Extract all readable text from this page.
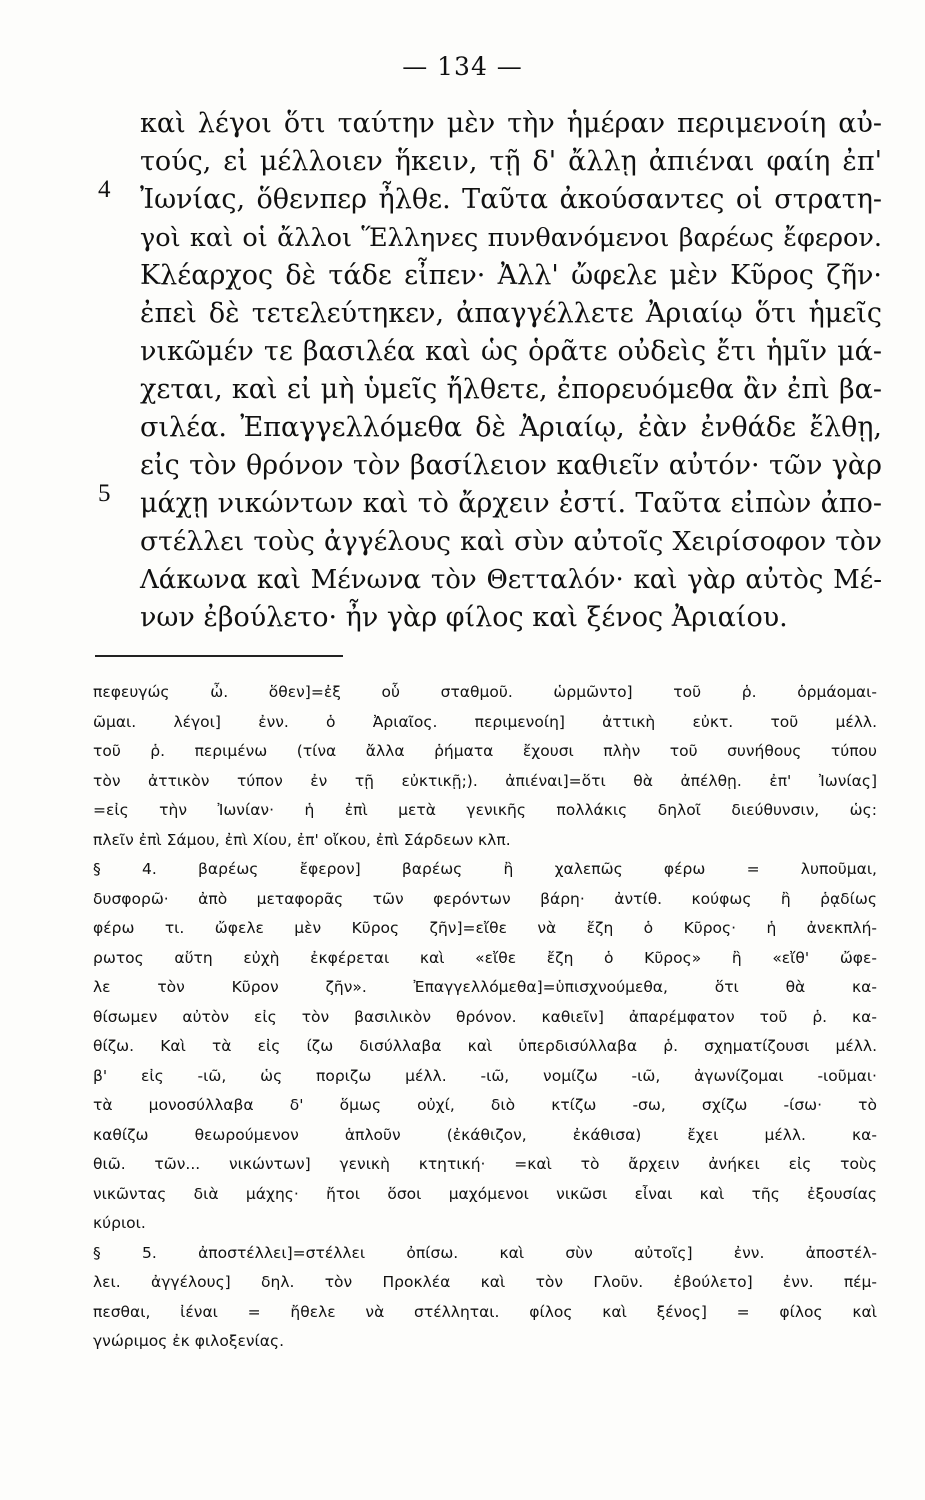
— 134 —
4
5
καὶ λέγοι ὅτι ταύτην μὲν τὴν ἡμέραν περιμενοίη αὐ-
τούς, εἰ μέλλοιεν ἥκειν, τῇ δ' ἄλλῃ ἀπιέναι φαίη ἐπ'
Ἰωνίας, ὅθενπερ ἦλθε. Ταῦτα ἀκούσαντες οἱ στρατη-
γοὶ καὶ οἱ ἄλλοι Ἕλληνες πυνθανόμενοι βαρέως ἔφερον.
Κλέαρχος δὲ τάδε εἶπεν· Ἀλλ' ὤφελε μὲν Κῦρος ζῆν·
ἐπεὶ δὲ τετελεύτηκεν, ἀπαγγέλλετε Ἀριαίῳ ὅτι ἡμεῖς
νικῶμέν τε βασιλέα καὶ ὡς ὁρᾶτε οὐδεὶς ἔτι ἡμῖν μά-
χεται, καὶ εἰ μὴ ὑμεῖς ἤλθετε, ἐπορευόμεθα ἂν ἐπὶ βα-
σιλέα. Ἐπαγγελλόμεθα δὲ Ἀριαίῳ, ἐὰν ἐνθάδε ἔλθῃ,
εἰς τὸν θρόνον τὸν βασίλειον καθιεῖν αὐτόν· τῶν γὰρ
μάχῃ νικώντων καὶ τὸ ἄρχειν ἐστί. Ταῦτα εἰπὼν ἀπο-
στέλλει τοὺς ἀγγέλους καὶ σὺν αὐτοῖς Χειρίσοφον τὸν
Λάκωνα καὶ Μένωνα τὸν Θετταλόν· καὶ γὰρ αὐτὸς Μέ-
νων ἐβούλετο· ἦν γὰρ φίλος καὶ ξένος Ἀριαίου.
πεφευγώς ὦ. ὅθεν]=ἐξ οὗ σταθμοῦ. ὡρμῶντο] τοῦ ῥ. ὁρμάομαι-
ῶμαι. λέγοι] ἐνν. ὁ Ἀριαῖος. περιμενοίη] ἀττικὴ εὐκτ. τοῦ μέλλ.
τοῦ ῥ. περιμένω (τίνα ἄλλα ῥήματα ἔχουσι πλὴν τοῦ συνήθους τύπου
τὸν ἀττικὸν τύπον ἐν τῇ εὐκτικῇ;). ἀπιέναι]=ὅτι θὰ ἀπέλθῃ. ἐπ' Ἰωνίας]
=εἰς τὴν Ἰωνίαν· ἡ ἐπὶ μετὰ γενικῆς πολλάκις δηλοῖ διεύθυνσιν, ὡς:
πλεῖν ἐπὶ Σάμου, ἐπὶ Χίου, ἐπ' οἴκου, ἐπὶ Σάρδεων κλπ.
§ 4. βαρέως ἔφερον] βαρέως ἢ χαλεπῶς φέρω = λυποῦμαι,
δυσφορῶ· ἀπὸ μεταφορᾶς τῶν φερόντων βάρη· ἀντίθ. κούφως ἢ ῥᾳδίως
φέρω τι. ὤφελε μὲν Κῦρος ζῆν]=εἴθε νὰ ἔζη ὁ Κῦρος· ἡ ἀνεκπλή-
ρωτος αὕτη εὐχὴ ἐκφέρεται καὶ «εἴθε ἔζη ὁ Κῦρος» ἢ «εἴθ' ὤφε-
λε τὸν Κῦρον ζῆν». Ἐπαγγελλόμεθα]=ὑπισχνούμεθα, ὅτι θὰ κα-
θίσωμεν αὐτὸν εἰς τὸν βασιλικὸν θρόνον. καθιεῖν] ἀπαρέμφατον τοῦ ῥ. κα-
θίζω. Καὶ τὰ εἰς ίζω δισύλλαβα καὶ ὑπερδισύλλαβα ῥ. σχηματίζουσι μέλλ.
β' εἰς -ιῶ, ὡς ποριζω μέλλ. -ιῶ, νομίζω -ιῶ, ἀγωνίζομαι -ιοῦμαι·
τὰ μονοσύλλαβα δ' ὅμως οὐχί, διὸ κτίζω -σω, σχίζω -ίσω· τὸ
καθίζω θεωρούμενον ἁπλοῦν (ἐκάθιζον, ἐκάθισα) ἔχει μέλλ. κα-
θιῶ. τῶν... νικώντων] γενικὴ κτητική· =καὶ τὸ ἄρχειν ἀνήκει εἰς τοὺς
νικῶντας διὰ μάχης· ἤτοι ὅσοι μαχόμενοι νικῶσι εἶναι καὶ τῆς ἐξουσίας
κύριοι.
§ 5. ἀποστέλλει]=στέλλει ὀπίσω. καὶ σὺν αὐτοῖς] ἐνν. ἀποστέλ-
λει. ἀγγέλους] δηλ. τὸν Προκλέα καὶ τὸν Γλοῦν. ἐβούλετο] ἐνν. πέμ-
πεσθαι, ἰέναι = ἤθελε νὰ στέλληται. φίλος καὶ ξένος] = φίλος καὶ
γνώριμος ἐκ φιλοξενίας.
